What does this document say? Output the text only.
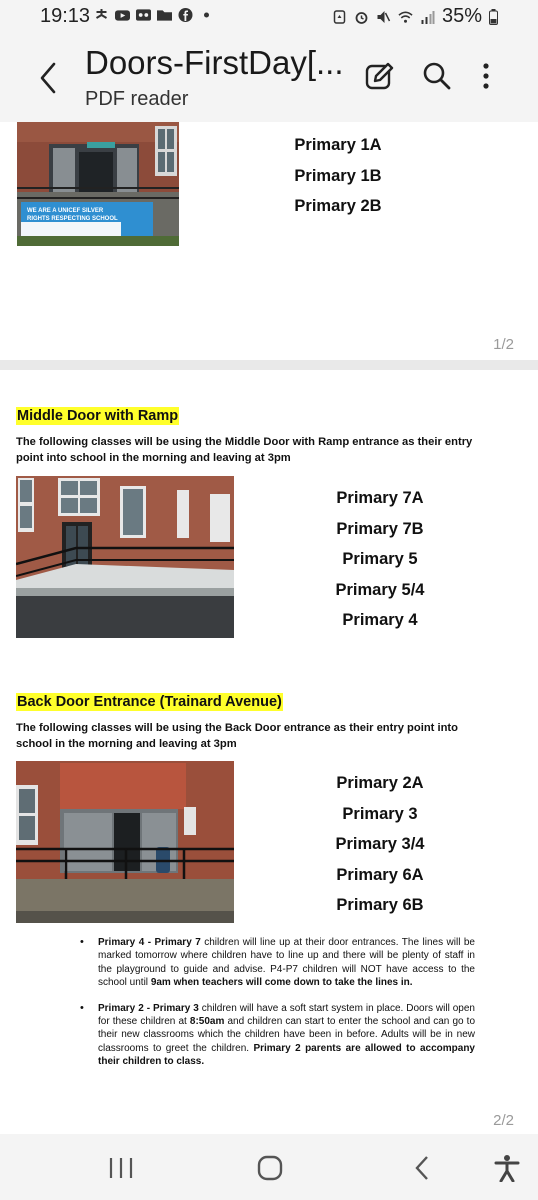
19:13	35%
Doors-FirstDay[...
PDF reader
WE ARE A UNICEF SILVER
RIGHTS RESPECTING SCHOOL
Primary 1A
Primary 1B
Primary 2B
1/2
Middle Door with Ramp
The following classes will be using the Middle Door with Ramp entrance as their entry point into school in the morning and leaving at 3pm
Primary 7A
Primary 7B
Primary 5
Primary 5/4
Primary 4
Back Door Entrance (Trainard Avenue)
The following classes will be using the Back Door entrance as their entry point into school in the morning and leaving at 3pm
Primary 2A
Primary 3
Primary 3/4
Primary 6A
Primary 6B
• Primary 4 - Primary 7 children will line up at their door entrances. The lines will be marked tomorrow where children have to line up and there will be plenty of staff in the playground to guide and advise. P4-P7 children will NOT have access to the school until 9am when teachers will come down to take the lines in.
• Primary 2 - Primary 3 children will have a soft start system in place. Doors will open for these children at 8:50am and children can start to enter the school and can go to their new classrooms which the children have been in before. Adults will be in new classrooms to greet the children. Primary 2 parents are allowed to accompany their children to class.
2/2
